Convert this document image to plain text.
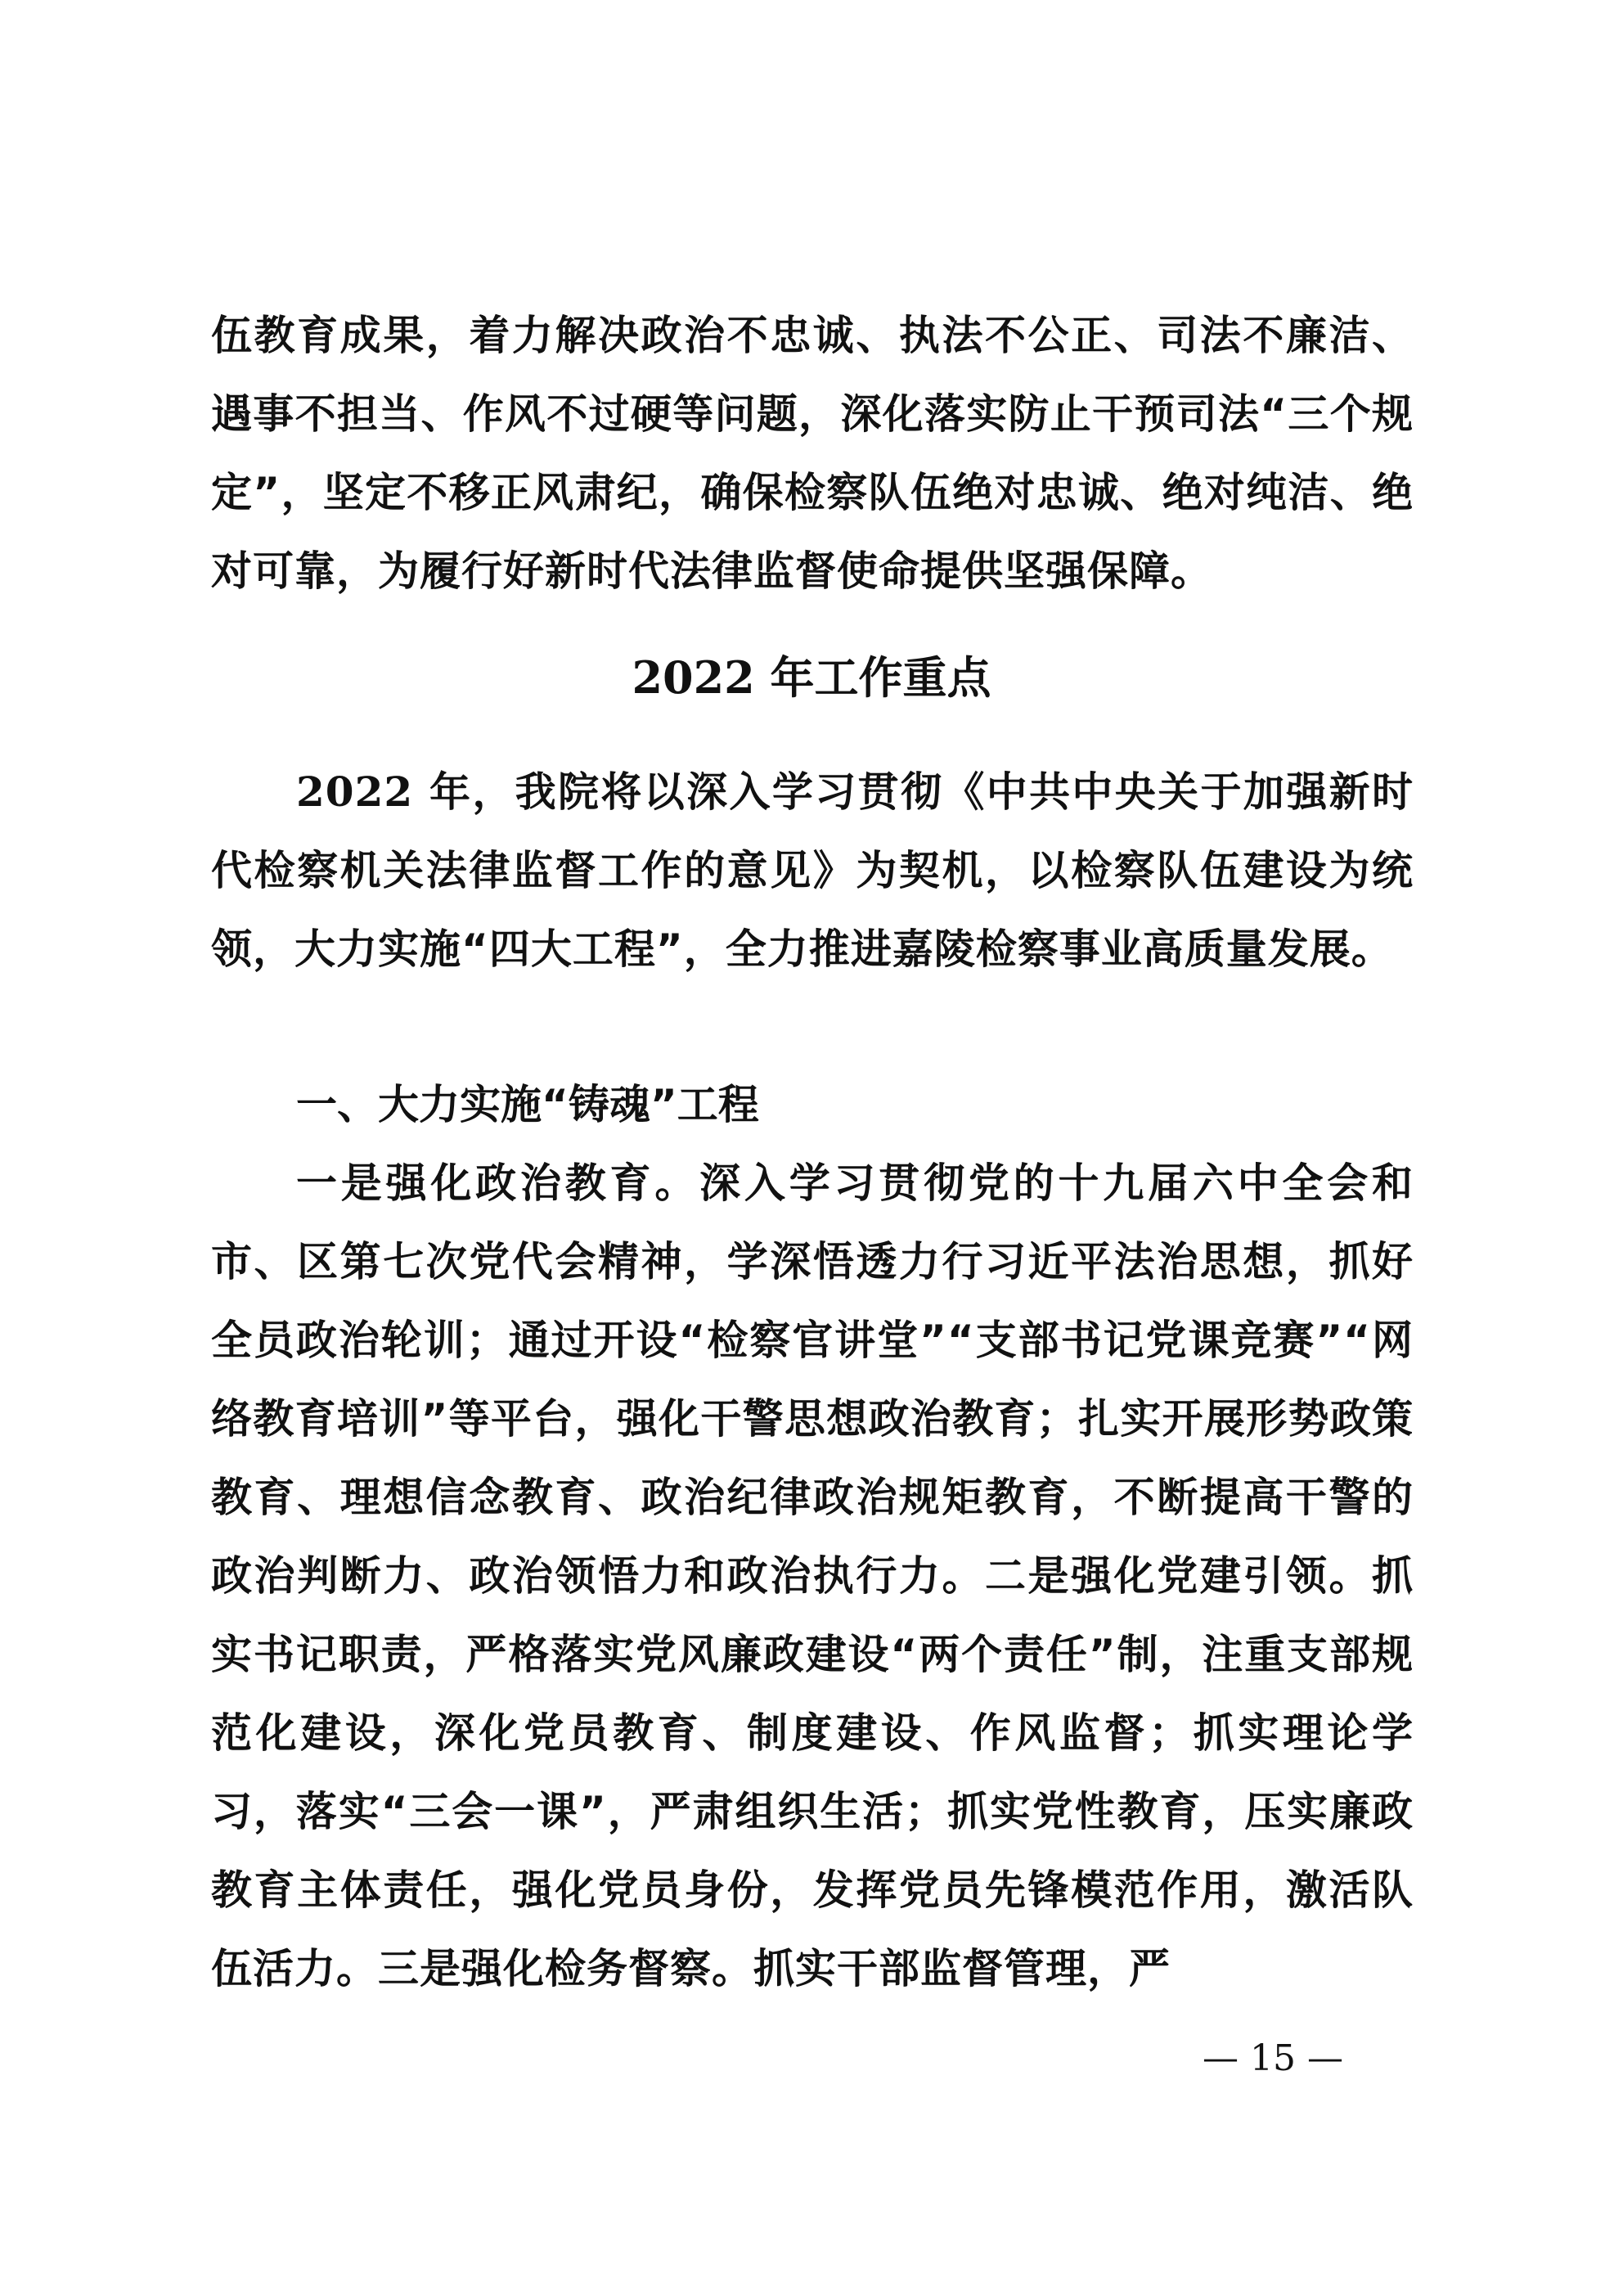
伍教育成果，着力解决政治不忠诚、执法不公正、司法不廉洁、遇事不担当、作风不过硬等问题，深化落实防止干预司法“三个规定”，坚定不移正风肃纪，确保检察队伍绝对忠诚、绝对纯洁、绝对可靠，为履行好新时代法律监督使命提供坚强保障。
2022 年工作重点
2022 年，我院将以深入学习贯彻《中共中央关于加强新时代检察机关法律监督工作的意见》为契机，以检察队伍建设为统领，大力实施“四大工程”，全力推进嘉陵检察事业高质量发展。
一、大力实施“铸魂”工程
一是强化政治教育。深入学习贯彻党的十九届六中全会和市、区第七次党代会精神，学深悟透力行习近平法治思想，抓好全员政治轮训；通过开设“检察官讲堂”“支部书记党课竞赛”“网络教育培训”等平台，强化干警思想政治教育；扎实开展形势政策教育、理想信念教育、政治纪律政治规矩教育，不断提高干警的政治判断力、政治领悟力和政治执行力。二是强化党建引领。抓实书记职责，严格落实党风廉政建设“两个责任”制，注重支部规范化建设，深化党员教育、制度建设、作风监督；抓实理论学习，落实“三会一课”，严肃组织生活；抓实党性教育，压实廉政教育主体责任，强化党员身份，发挥党员先锋模范作用，激活队伍活力。三是强化检务督察。抓实干部监督管理，严
— 15 —
